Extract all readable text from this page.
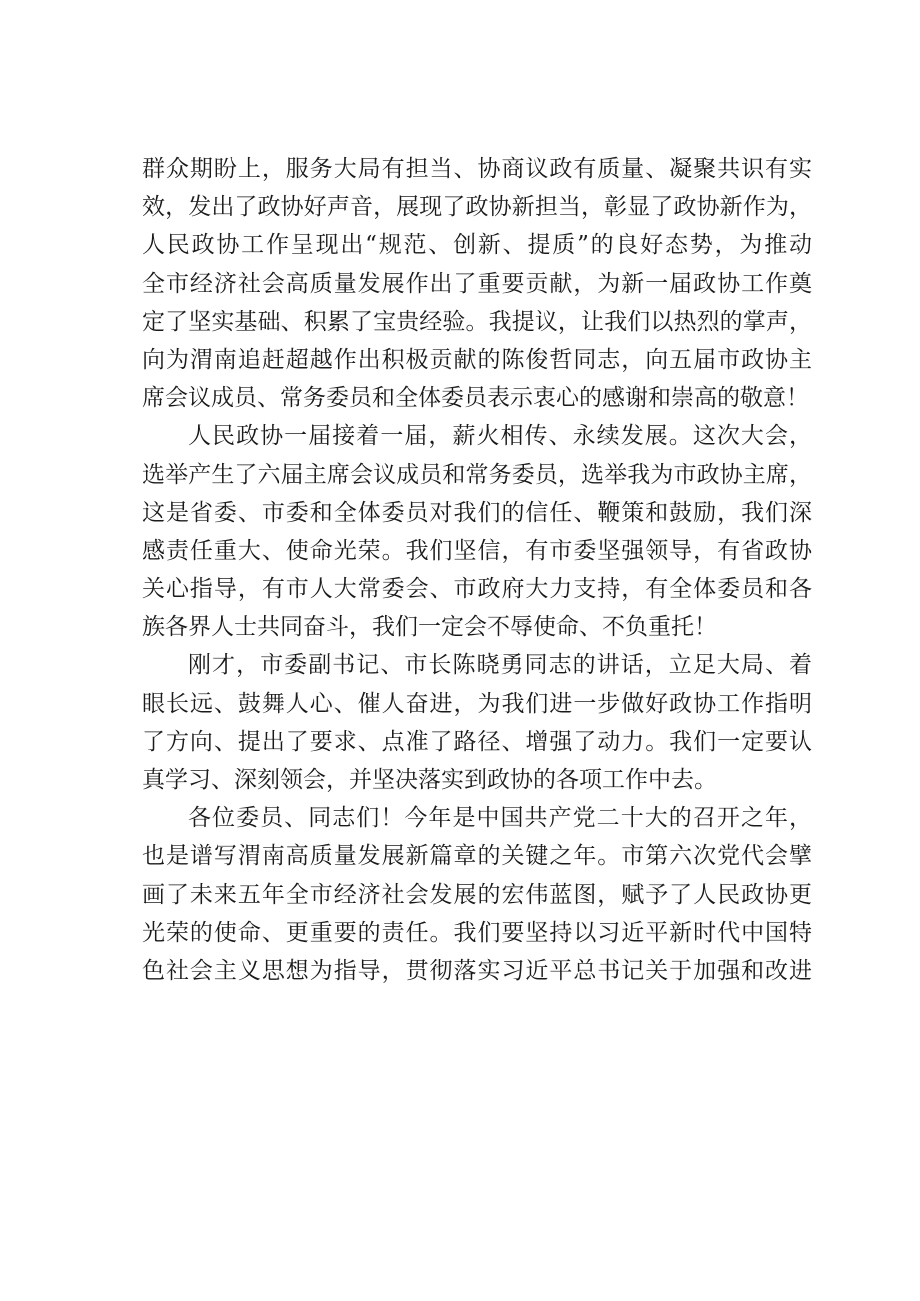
群众期盼上，服务大局有担当、协商议政有质量、凝聚共识有实
效，发出了政协好声音，展现了政协新担当，彰显了政协新作为，
人民政协工作呈现出“规范、创新、提质”的良好态势，为推动
全市经济社会高质量发展作出了重要贡献，为新一届政协工作奠
定了坚实基础、积累了宝贵经验。我提议，让我们以热烈的掌声，
向为渭南追赶超越作出积极贡献的陈俊哲同志，向五届市政协主
席会议成员、常务委员和全体委员表示衷心的感谢和崇高的敬意！
人民政协一届接着一届，薪火相传、永续发展。这次大会，
选举产生了六届主席会议成员和常务委员，选举我为市政协主席，
这是省委、市委和全体委员对我们的信任、鞭策和鼓励，我们深
感责任重大、使命光荣。我们坚信，有市委坚强领导，有省政协
关心指导，有市人大常委会、市政府大力支持，有全体委员和各
族各界人士共同奋斗，我们一定会不辱使命、不负重托！
刚才，市委副书记、市长陈晓勇同志的讲话，立足大局、着
眼长远、鼓舞人心、催人奋进，为我们进一步做好政协工作指明
了方向、提出了要求、点准了路径、增强了动力。我们一定要认
真学习、深刻领会，并坚决落实到政协的各项工作中去。
各位委员、同志们！今年是中国共产党二十大的召开之年，
也是谱写渭南高质量发展新篇章的关键之年。市第六次党代会擘
画了未来五年全市经济社会发展的宏伟蓝图，赋予了人民政协更
光荣的使命、更重要的责任。我们要坚持以习近平新时代中国特
色社会主义思想为指导，贯彻落实习近平总书记关于加强和改进
